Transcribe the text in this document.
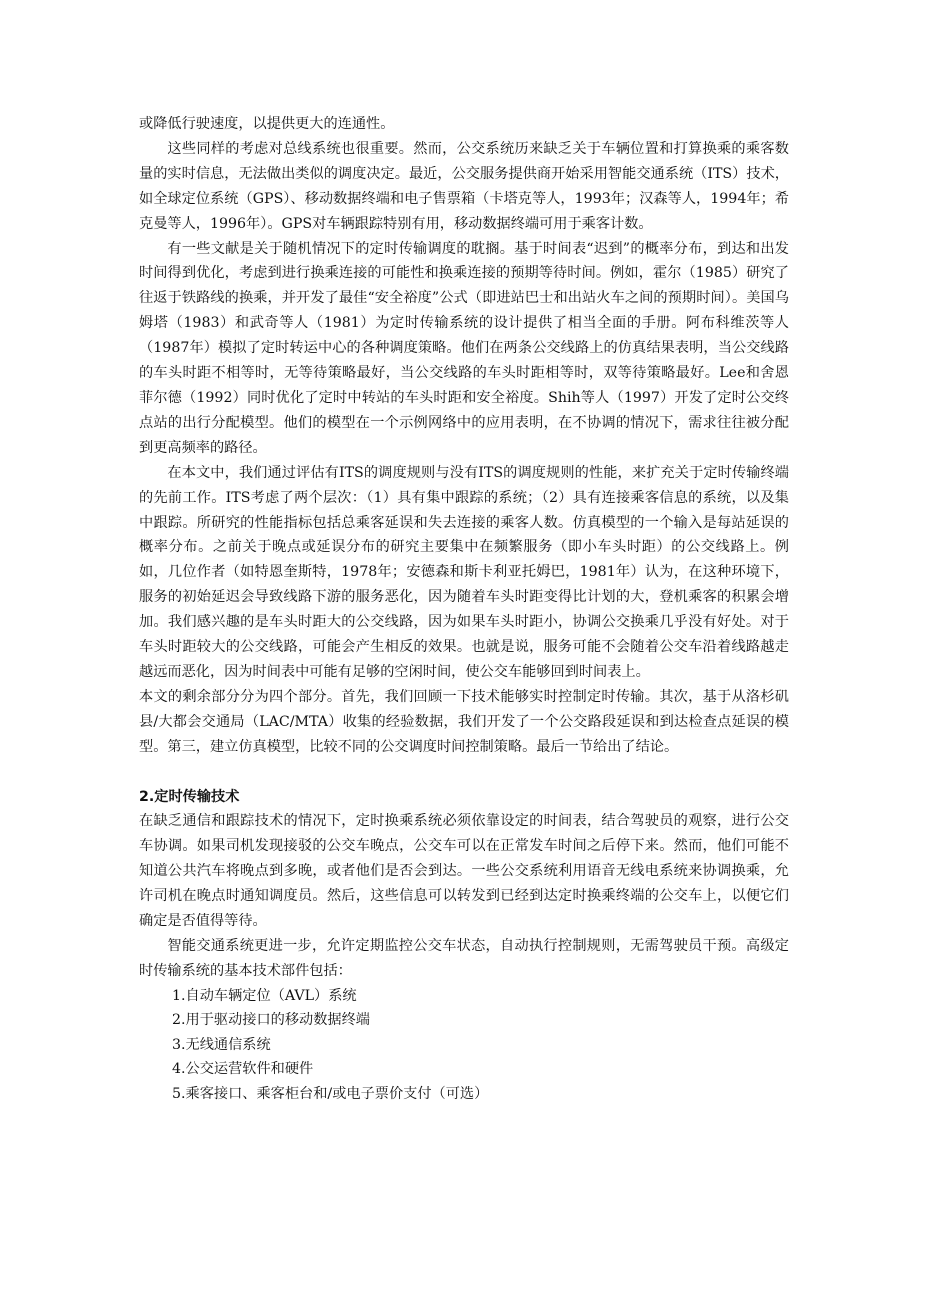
或降低行驶速度，以提供更大的连通性。

这些同样的考虑对总线系统也很重要。然而，公交系统历来缺乏关于车辆位置和打算换乘的乘客数量的实时信息，无法做出类似的调度决定。最近，公交服务提供商开始采用智能交通系统（ITS）技术，如全球定位系统（GPS）、移动数据终端和电子售票箱（卡塔克等人，1993年；汉森等人，1994年；希克曼等人，1996年）。GPS对车辆跟踪特别有用，移动数据终端可用于乘客计数。

有一些文献是关于随机情况下的定时传输调度的耽搁。基于时间表“迟到”的概率分布，到达和出发时间得到优化，考虑到进行换乘连接的可能性和换乘连接的预期等待时间。例如，霍尔（1985）研究了往返于铁路线的换乘，并开发了最佳“安全裕度”公式（即进站巴士和出站火车之间的预期时间）。美国乌姆塔（1983）和武奇等人（1981）为定时传输系统的设计提供了相当全面的手册。阿布科维茨等人（1987年）模拟了定时转运中心的各种调度策略。他们在两条公交线路上的仿真结果表明，当公交线路的车头时距不相等时，无等待策略最好，当公交线路的车头时距相等时，双等待策略最好。Lee和舍恩菲尔德（1992）同时优化了定时中转站的车头时距和安全裕度。Shih等人（1997）开发了定时公交终点站的出行分配模型。他们的模型在一个示例网络中的应用表明，在不协调的情况下，需求往往被分配到更高频率的路径。

在本文中，我们通过评估有ITS的调度规则与没有ITS的调度规则的性能，来扩充关于定时传输终端的先前工作。ITS考虑了两个层次：（1）具有集中跟踪的系统；（2）具有连接乘客信息的系统，以及集中跟踪。所研究的性能指标包括总乘客延误和失去连接的乘客人数。仿真模型的一个输入是每站延误的概率分布。之前关于晚点或延误分布的研究主要集中在频繁服务（即小车头时距）的公交线路上。例如，几位作者（如特恩奎斯特，1978年；安德森和斯卡利亚托姆巴，1981年）认为，在这种环境下，服务的初始延迟会导致线路下游的服务恶化，因为随着车头时距变得比计划的大，登机乘客的积累会增加。我们感兴趣的是车头时距大的公交线路，因为如果车头时距小，协调公交换乘几乎没有好处。对于车头时距较大的公交线路，可能会产生相反的效果。也就是说，服务可能不会随着公交车沿着线路越走越远而恶化，因为时间表中可能有足够的空闲时间，使公交车能够回到时间表上。

本文的剩余部分分为四个部分。首先，我们回顾一下技术能够实时控制定时传输。其次，基于从洛杉矶县/大都会交通局（LAC/MTA）收集的经验数据，我们开发了一个公交路段延误和到达检查点延误的模型。第三，建立仿真模型，比较不同的公交调度时间控制策略。最后一节给出了结论。

2.定时传输技术

在缺乏通信和跟踪技术的情况下，定时换乘系统必须依靠设定的时间表，结合驾驶员的观察，进行公交车协调。如果司机发现接驳的公交车晚点，公交车可以在正常发车时间之后停下来。然而，他们可能不知道公共汽车将晚点到多晚，或者他们是否会到达。一些公交系统利用语音无线电系统来协调换乘，允许司机在晚点时通知调度员。然后，这些信息可以转发到已经到达定时换乘终端的公交车上，以便它们确定是否值得等待。

智能交通系统更进一步，允许定期监控公交车状态，自动执行控制规则，无需驾驶员干预。高级定时传输系统的基本技术部件包括：

1.自动车辆定位（AVL）系统
2.用于驱动接口的移动数据终端
3.无线通信系统
4.公交运营软件和硬件
5.乘客接口、乘客柜台和/或电子票价支付（可选）
